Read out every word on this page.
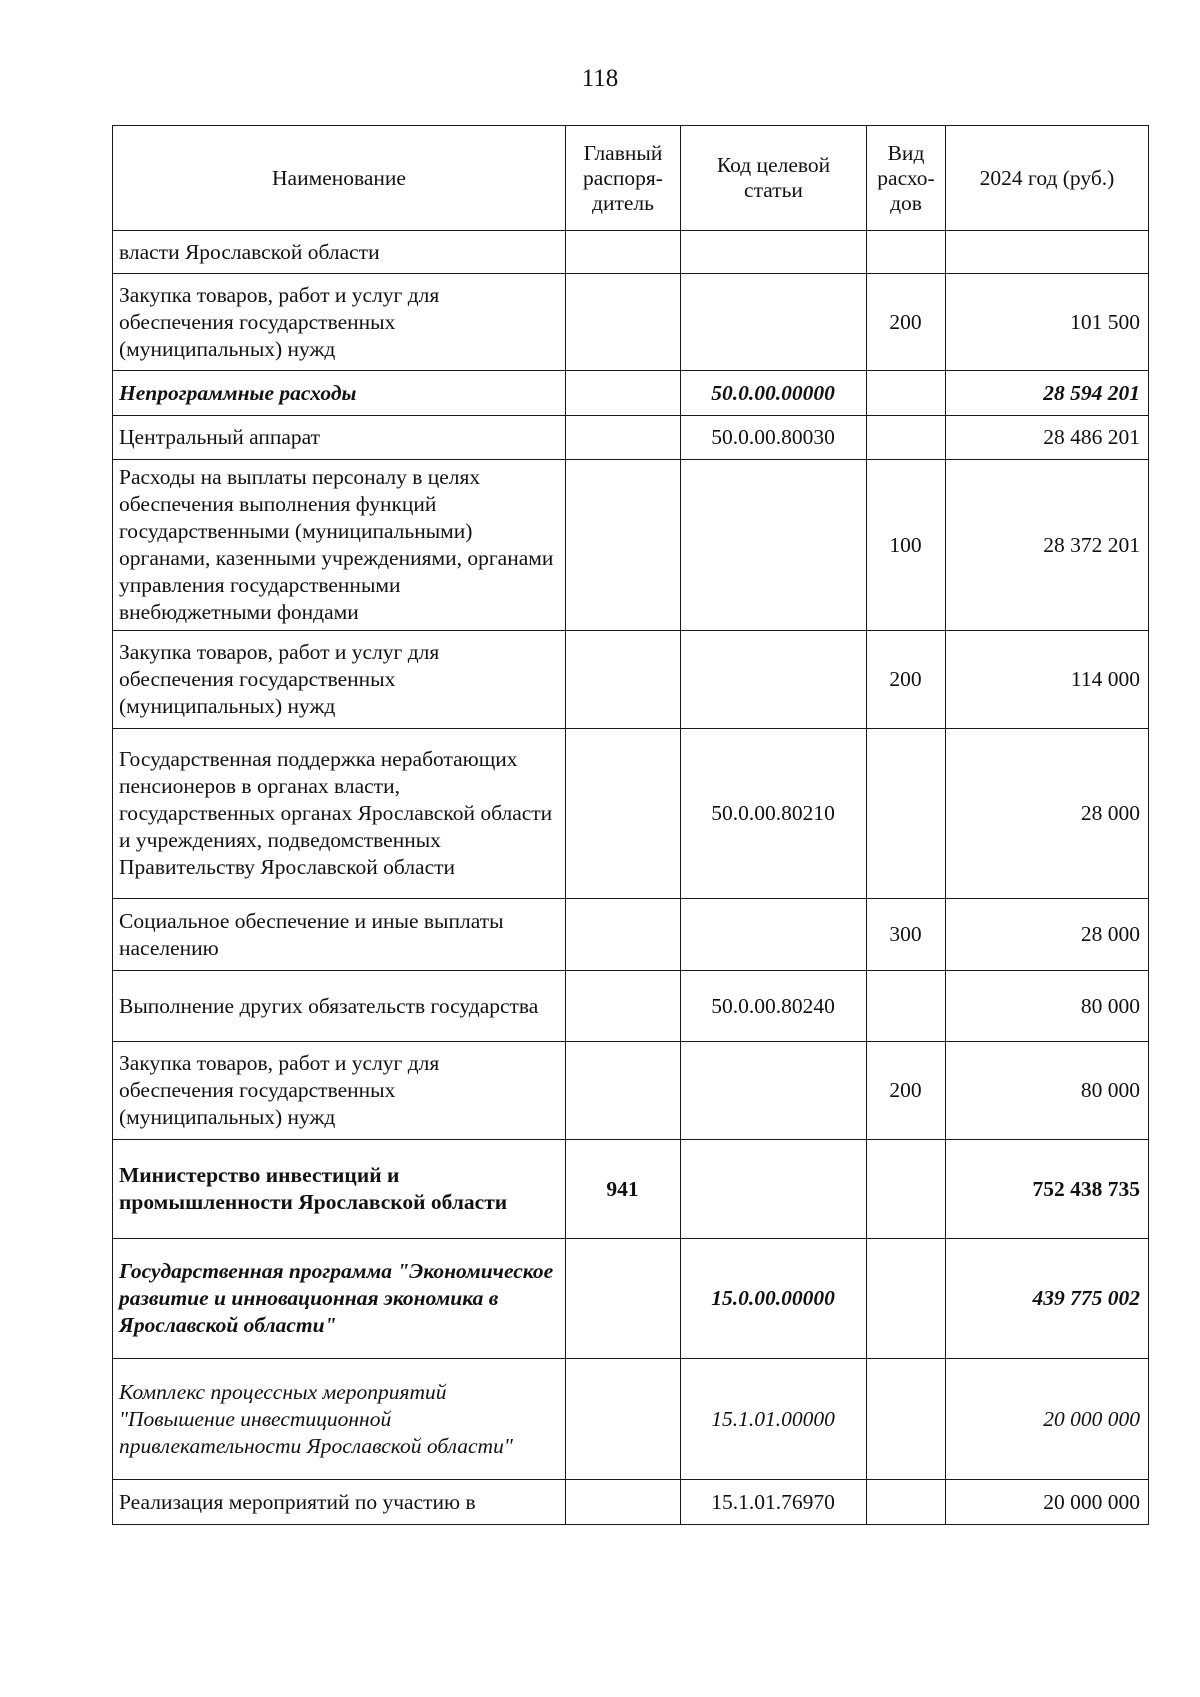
118
Наименование	Главный распоря-дитель	Код целевой статьи	Вид расхо-дов	2024 год (руб.)
власти Ярославской области				
Закупка товаров, работ и услуг для обеспечения государственных (муниципальных) нужд			200	101 500
Непрограммные расходы		50.0.00.00000		28 594 201
Центральный аппарат		50.0.00.80030		28 486 201
Расходы на выплаты персоналу в целях обеспечения выполнения функций государственными (муниципальными) органами, казенными учреждениями, органами управления государственными внебюджетными фондами			100	28 372 201
Закупка товаров, работ и услуг для обеспечения государственных (муниципальных) нужд			200	114 000
Государственная поддержка неработающих пенсионеров в органах власти, государственных органах Ярославской области и учреждениях, подведомственных Правительству Ярославской области		50.0.00.80210		28 000
Социальное обеспечение и иные выплаты населению			300	28 000
Выполнение других обязательств государства		50.0.00.80240		80 000
Закупка товаров, работ и услуг для обеспечения государственных (муниципальных) нужд			200	80 000
Министерство инвестиций и промышленности Ярославской области	941			752 438 735
Государственная программа "Экономическое развитие и инновационная экономика в Ярославской области"		15.0.00.00000		439 775 002
Комплекс процессных мероприятий "Повышение инвестиционной привлекательности Ярославской области"		15.1.01.00000		20 000 000
Реализация мероприятий по участию в		15.1.01.76970		20 000 000
